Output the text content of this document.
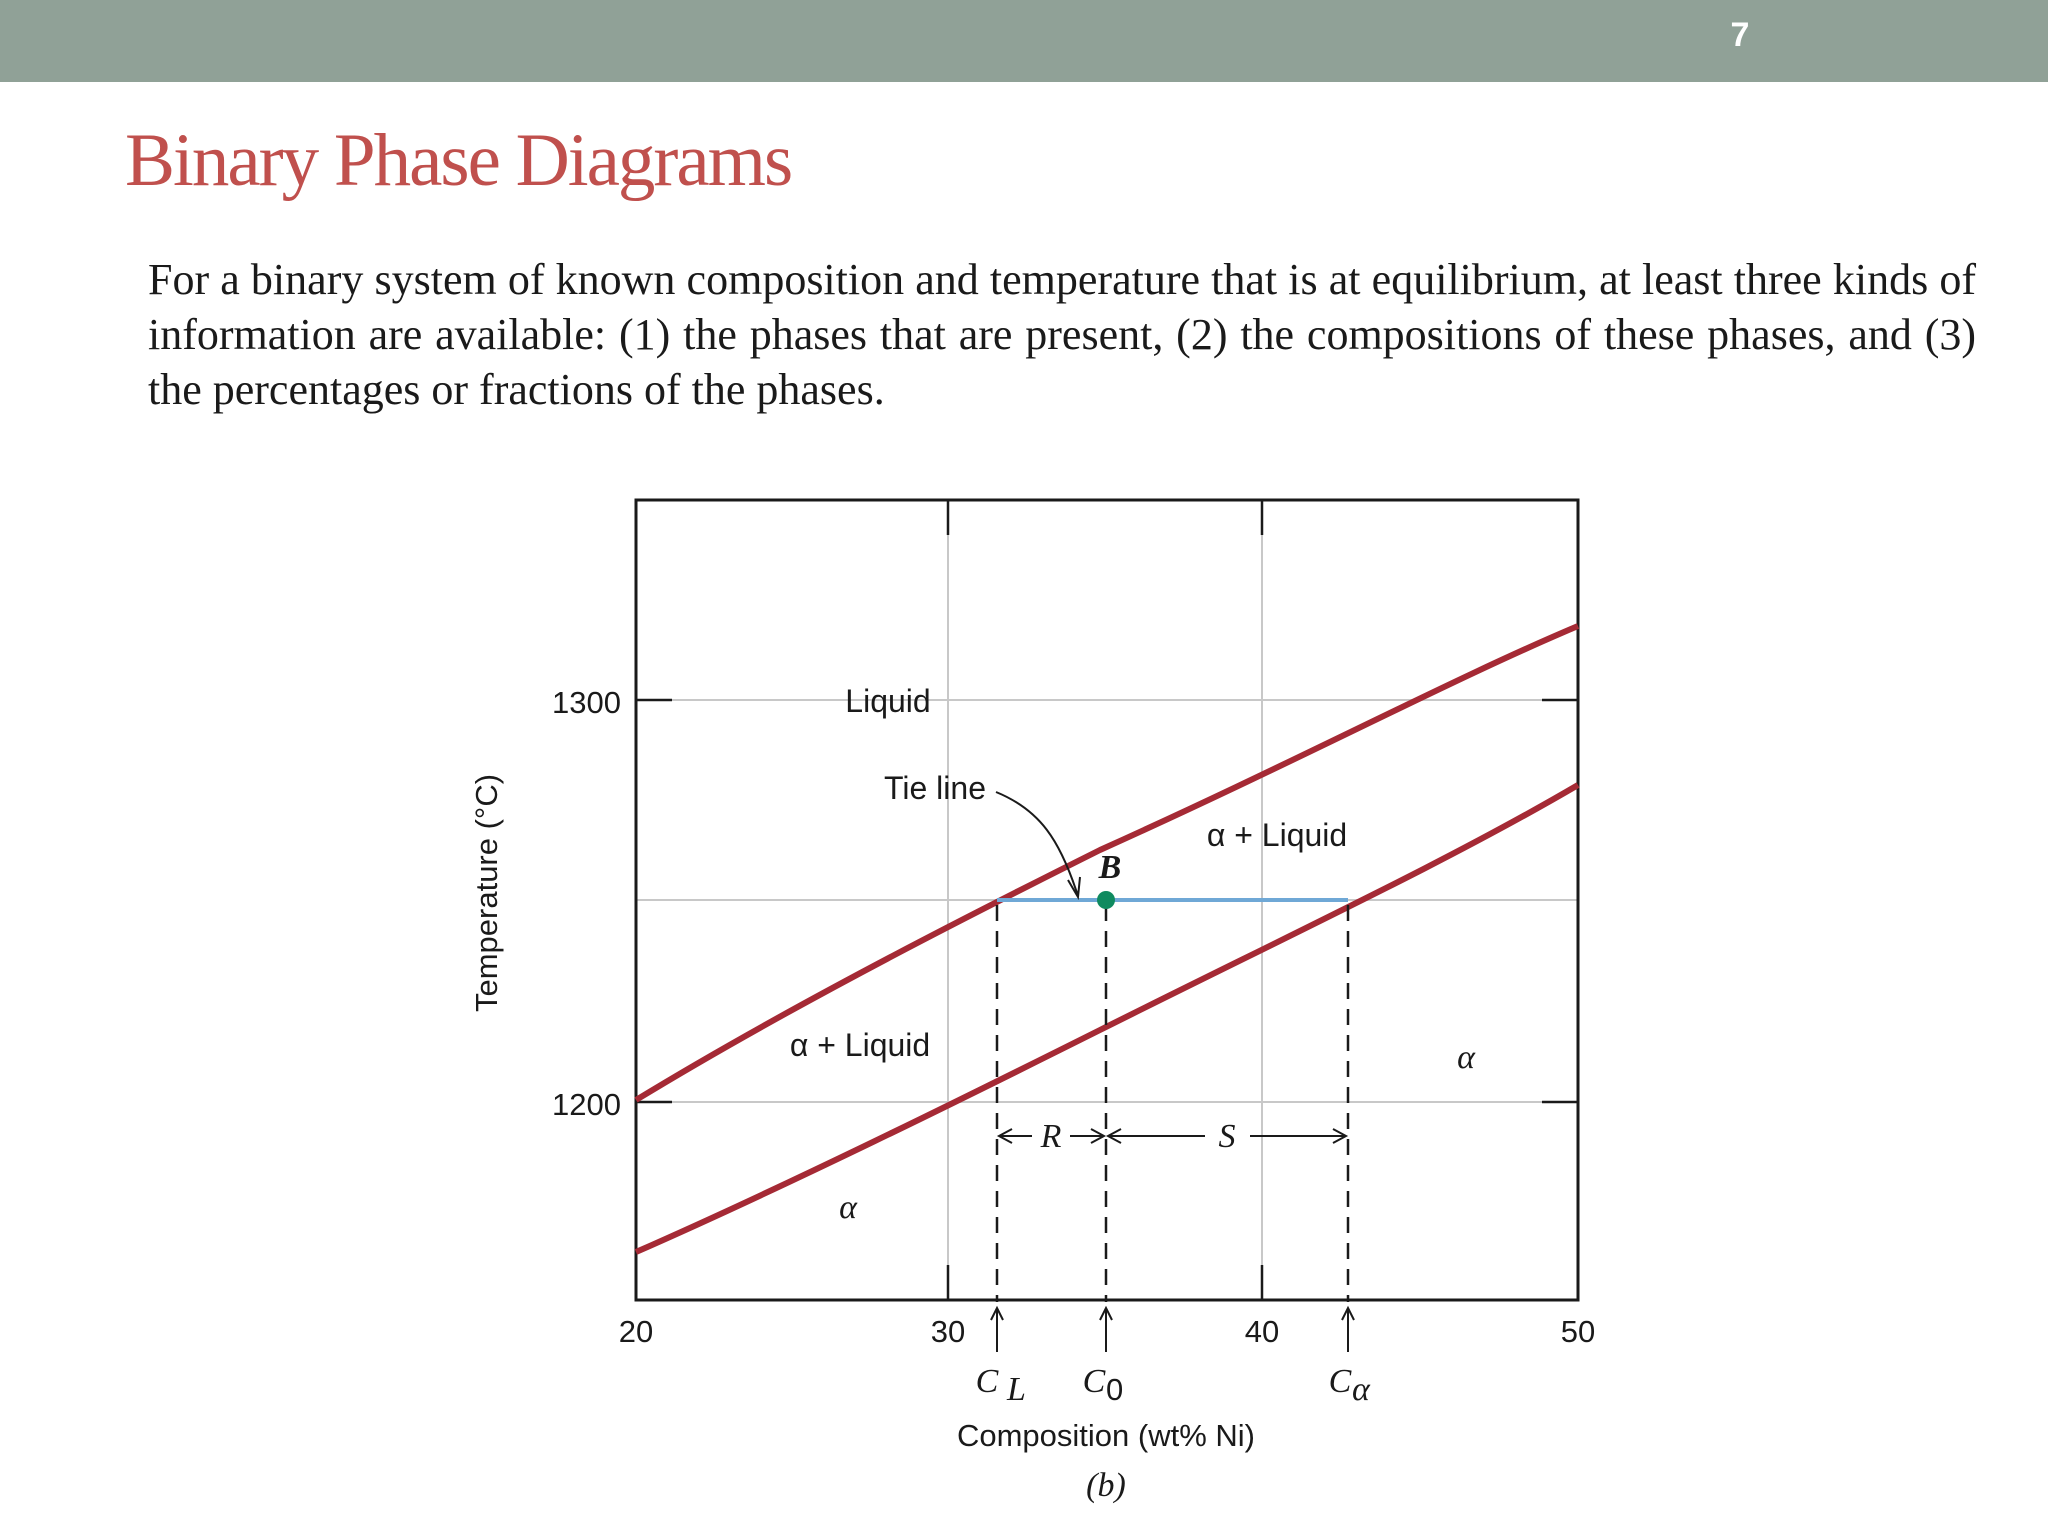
7
Binary Phase Diagrams
For a binary system of known composition and temperature that is at equilibrium, at least three kinds of information are available: (1) the phases that are present, (2) the compositions of these phases, and (3) the percentages or fractions of the phases.
1300
1200
20	30	40	50
Composition (wt% Ni)
Temperature (°C)
Liquid
Tie line
α + Liquid
α + Liquid	α
α
B
R	S
C L C 0	C α
(b)
